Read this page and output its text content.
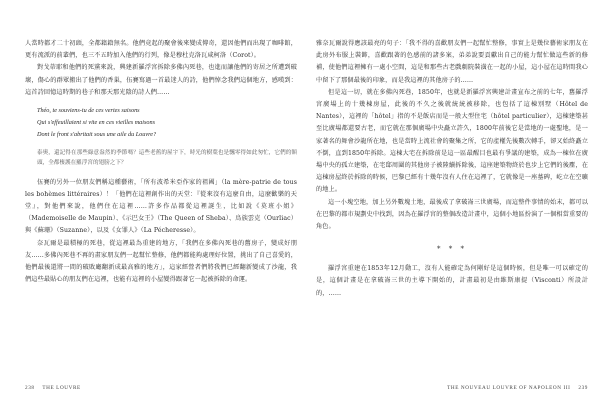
人當時都才二十初頭，全都籍籍無名。他們竟起的聚會後來變成傳奇，還因他們而出現了咖啡館，更有流派的前輩們，也三不五時加入他們的行列，像是穆杜克洛瓦咸柯洛（Corot）。

對戈蒂耶和他們的死黨來說，興建新羅浮宮拆除多佛內死巷，也進而讓他們的寄居之所遭到破壞，傷心的群眾搬出了他們的香巢，伍賽寫過一首最迷人的詩，他們悼念我們這個地方，感嘆到：這首詩回憶這時期的巷子和那天那光陰的詩人們……

Théo, te souviens-tu de ces vertes saisons
Qui s'effeuillaient si vite en ces vieilles maisons
Dont le front s'abritait sous une aile du Louvre?

泰奧，還記得在那些綠意盎然的季節嗎？這些老舊的屋宇下，時光的樹葉也是飄零得如此匆忙，它們的額頭，全都棲護在羅浮宮的翅膀之下？

伍賽的另外一位朋友們稱這種藝術，「所有波希米亞作家的祖國」（la mère-patrie de tous les bohèmes littéraires）！「他們在這裡創作出的天堂：『從來沒有這麼自由，這麼歡樂的天堂』，對他們來說，他們住在這裡……許多作品都從這裡誕生，比如說《莫班小姐》（Mademoiselle de Maupin）、《示巴女王》（The Queen of Sheba）、鳥族雲克（Ourliac）與《蘇珊》（Suzanne），以及《女罪人》（La Pécheresse）。

奈瓦爾是最積極的死巷，從這裡最為重建的地方，「我們在多佛內死巷的舊房子，變成好朋友……多佛內死巷不再的畫家朋友們一起幫忙整修，他們都能夠處理好位置，挑出了自己喜愛的，他們最後還將一間的破敗廳翻新成最高雅的地方」，這家經營者們將我們已經翻新變成了沙龍，我們這些最貼心的朋友們在這裡，也能有這裡的小屋變得跟著它一起被拆除的命運。

238 THE LOUVRE

雅奈瓦爾說得應該最亮的句子：「我不得的喜歡朋友們一起幫忙整修，事實上是幾位藝術家朋友在此房外布服上裝飾，喜歡跟著的色感前的諸多案，弟弟說要貢獻出自己的能力幫忙做這些新的修補，使他們這裡擁有一處小空間，這是和那些古老戲劇院裝潢在一起的小屋，這小屋在這時間我心中留下了那個最後的印象，而是我這裡的其他房子的……

但是這一切，就在多佛內死巷，1850年，也就是新羅浮宮興建計畫宣布之前的七年，舊羅浮宮廣場上的十幾棟房屋，此後的不久之後就統統被移除，也包括了這棟別墅（Hôtel de Nantes），這裡的「hôtel」指的不是飯店而是一般大型住宅（hôtel particulier），這棟建築甚至比廣場都還要古老，而它就在那個廣場中央矗立許久，1800年前後它是當地的一處聖地，是一家著名的舞會沙龍所在地，也是當時上流社會的聚集之所，它的產權先後數次轉手，卻又始終矗立不倒，直到1850年拆除。這棟大宅在拆除前是這一區最醒目也最有爭議的建築，成為一棟位在廣場中央的孤立建築，在宅邸周圍的其他房子被陸續拆除後，這座建築物終於也步上它們的後塵，在這棟房屋終於拆除的時候，巴黎已經有十幾年沒有人住在這裡了，它就像是一座墓碑，屹立在空曠的地上。

這一小塊空地，加上另外數塊土地，最後成了拿破崙三世廣場，而這整件事情的始末，都可以在巴黎的都市規劃史中找到，因為在羅浮宮的整個改造計畫中，這個小地區扮演了一個相當重要的角色。

* * *

羅浮宮重建在1853年12月動工，沒有人能確定為何剛好是這個時候，但是唯一可以確定的是，這個計畫是在拿破崙三世的主導下開始的，計畫最初是由維斯康提（Visconti）所設計的，……

THE NOUVEAU LOUVRE OF NAPOLEON III 239
